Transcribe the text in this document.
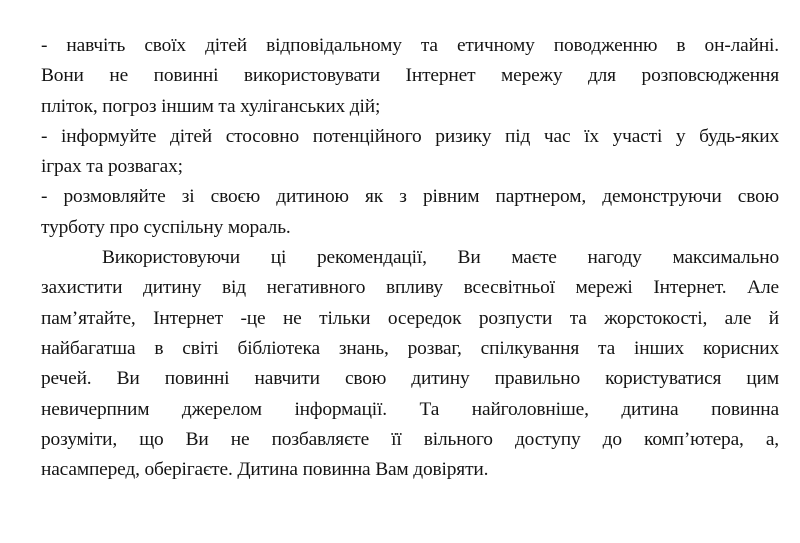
- навчіть своїх дітей відповідальному та етичному поводженню в он-лайні.
Вони не повинні використовувати Інтернет мережу для розповсюдження
пліток, погроз іншим та хуліганських дій;
- інформуйте дітей стосовно потенційного ризику під час їх участі у будь-яких
іграх та розвагах;
- розмовляйте зі своєю дитиною як з рівним партнером, демонструючи свою
турботу про суспільну мораль.
Використовуючи ці рекомендації, Ви маєте нагоду максимально
захистити дитину від негативного впливу всесвітньої мережі Інтернет. Але
пам’ятайте, Інтернет -це не тільки осередок розпусти та жорстокості, але й
найбагатша в світі бібліотека знань, розваг, спілкування та інших корисних
речей. Ви повинні навчити свою дитину правильно користуватися цим
невичерпним джерелом інформації. Та найголовніше, дитина повинна
розуміти, що Ви не позбавляєте її вільного доступу до комп’ютера, а,
насамперед, оберігаєте. Дитина повинна Вам довіряти.
